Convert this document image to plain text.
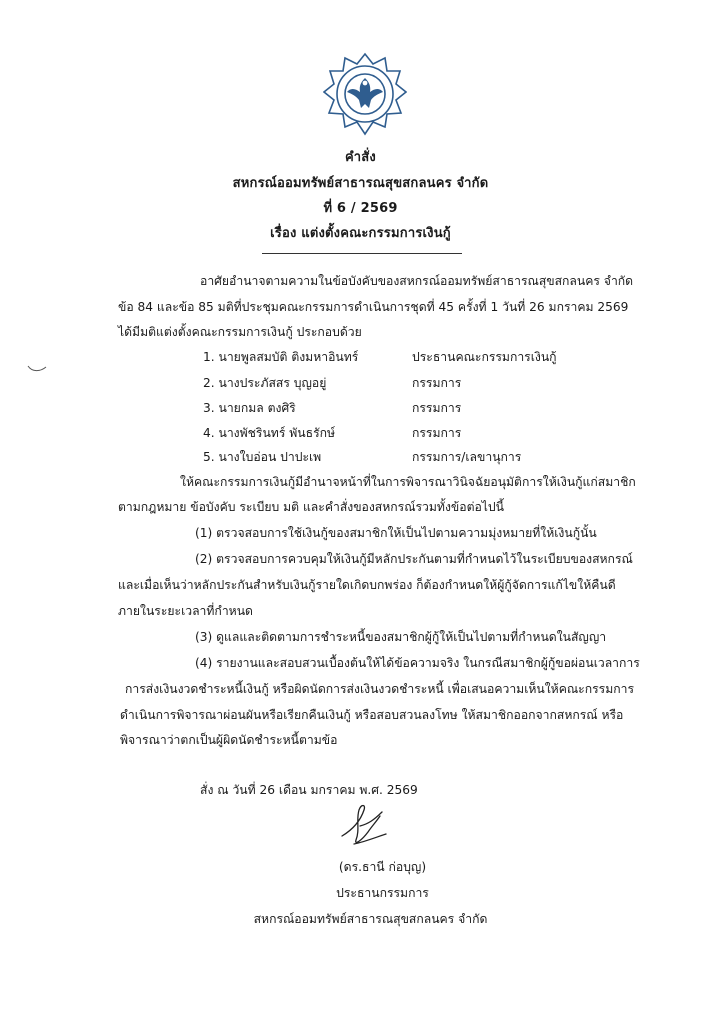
คำสั่ง
สหกรณ์ออมทรัพย์สาธารณสุขสกลนคร จำกัด
ที่ 6 / 2569
เรื่อง แต่งตั้งคณะกรรมการเงินกู้
อาศัยอำนาจตามความในข้อบังคับของสหกรณ์ออมทรัพย์สาธารณสุขสกลนคร จำกัด
ข้อ 84 และข้อ 85 มติที่ประชุมคณะกรรมการดำเนินการชุดที่ 45 ครั้งที่ 1 วันที่ 26 มกราคม 2569
ได้มีมติแต่งตั้งคณะกรรมการเงินกู้ ประกอบด้วย
1. นายพูลสมบัติ ติงมหาอินทร์	ประธานคณะกรรมการเงินกู้
2. นางประภัสสร บุญอยู่	กรรมการ
3. นายกมล ตงศิริ	กรรมการ
4. นางพัชรินทร์ พันธรักษ์	กรรมการ
5. นางใบอ่อน ปาปะเพ	กรรมการ/เลขานุการ
ให้คณะกรรมการเงินกู้มีอำนาจหน้าที่ในการพิจารณาวินิจฉัยอนุมัติการให้เงินกู้แก่สมาชิก
ตามกฎหมาย ข้อบังคับ ระเบียบ มติ และคำสั่งของสหกรณ์รวมทั้งข้อต่อไปนี้
(1) ตรวจสอบการใช้เงินกู้ของสมาชิกให้เป็นไปตามความมุ่งหมายที่ให้เงินกู้นั้น
(2) ตรวจสอบการควบคุมให้เงินกู้มีหลักประกันตามที่กำหนดไว้ในระเบียบของสหกรณ์
และเมื่อเห็นว่าหลักประกันสำหรับเงินกู้รายใดเกิดบกพร่อง ก็ต้องกำหนดให้ผู้กู้จัดการแก้ไขให้คืนดี
ภายในระยะเวลาที่กำหนด
(3) ดูแลและติดตามการชำระหนี้ของสมาชิกผู้กู้ให้เป็นไปตามที่กำหนดในสัญญา
(4) รายงานและสอบสวนเบื้องต้นให้ได้ข้อความจริง ในกรณีสมาชิกผู้กู้ขอผ่อนเวลาการ
การส่งเงินงวดชำระหนี้เงินกู้ หรือผิดนัดการส่งเงินงวดชำระหนี้ เพื่อเสนอความเห็นให้คณะกรรมการ
ดำเนินการพิจารณาผ่อนผันหรือเรียกคืนเงินกู้ หรือสอบสวนลงโทษ ให้สมาชิกออกจากสหกรณ์ หรือ
พิจารณาว่าตกเป็นผู้ผิดนัดชำระหนี้ตามข้อ
สั่ง ณ วันที่ 26 เดือน มกราคม พ.ศ. 2569
(ดร.ธานี ก่อบุญ)
ประธานกรรมการ
สหกรณ์ออมทรัพย์สาธารณสุขสกลนคร จำกัด
